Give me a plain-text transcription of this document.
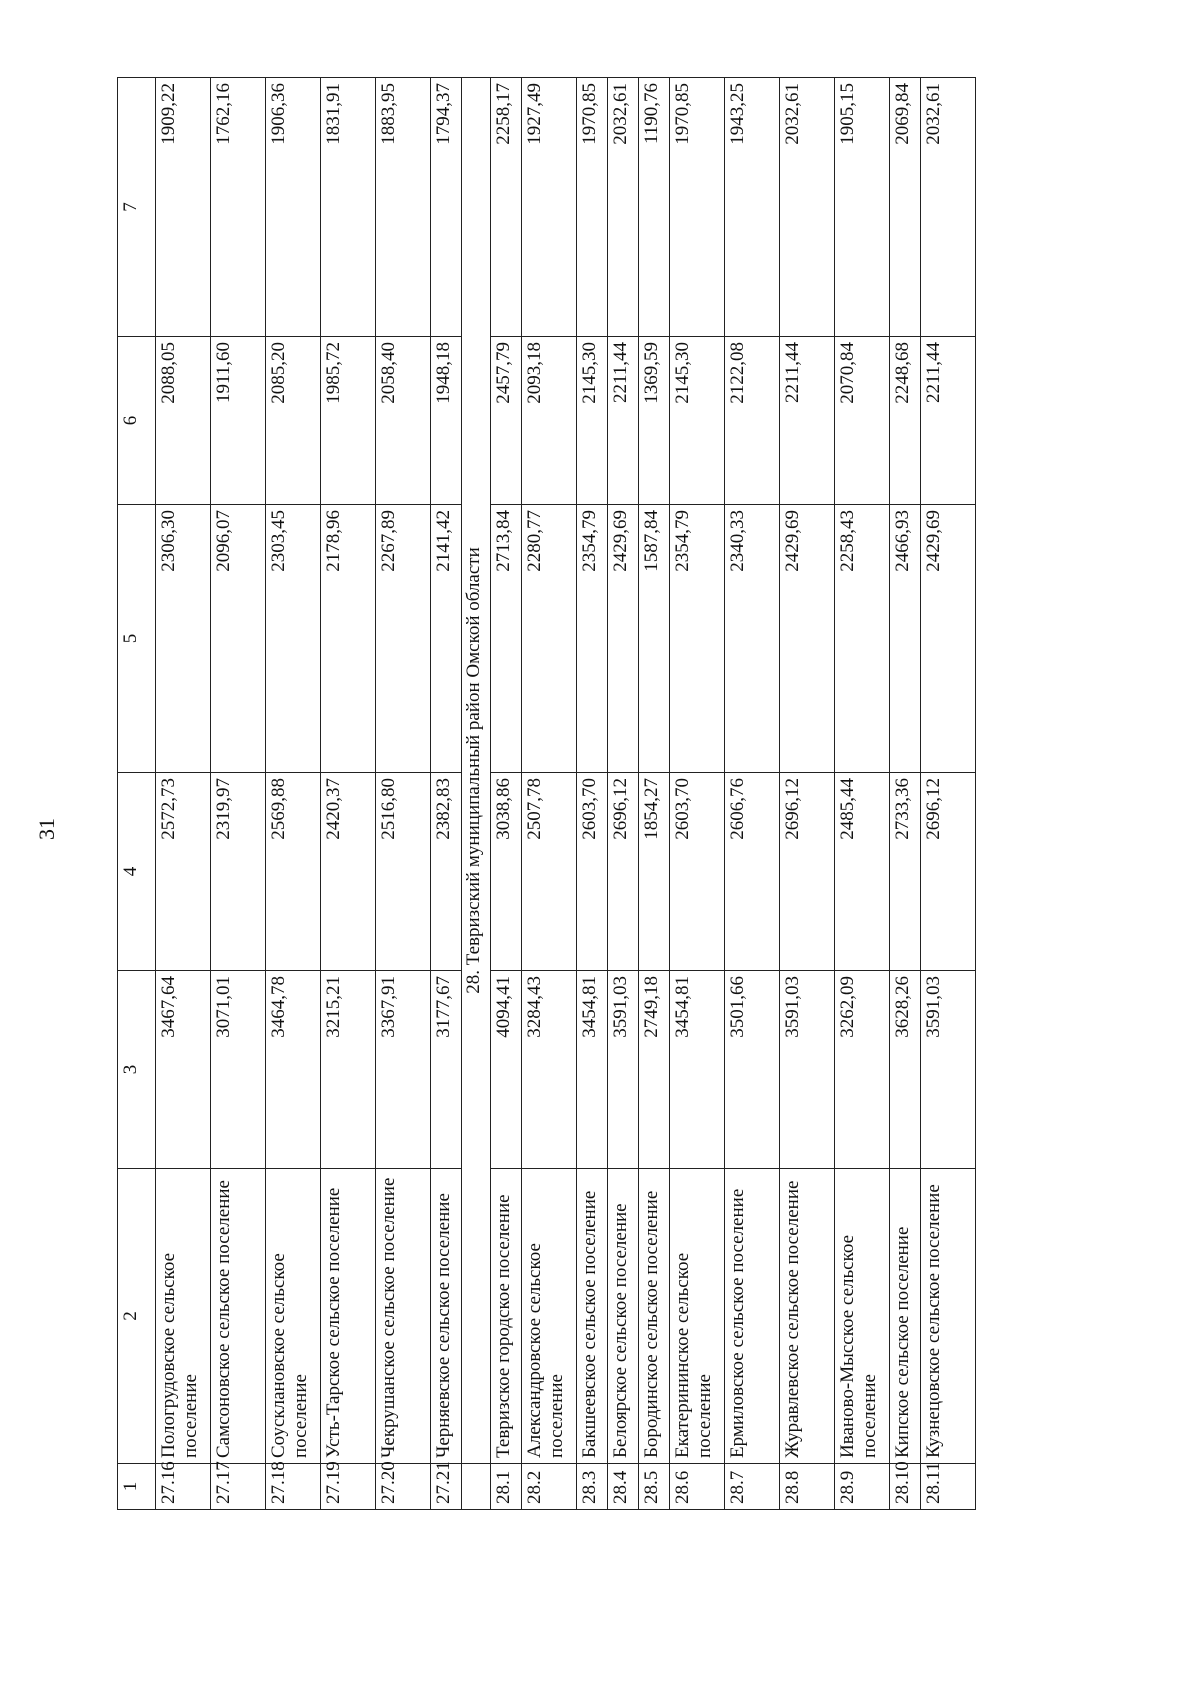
31
1	2	3	4	5	6	7
27.16	Пологрудовское сельское поселение	3467,64	2572,73	2306,30	2088,05	1909,22
27.17	Самсоновское сельское поселение	3071,01	2319,97	2096,07	1911,60	1762,16
27.18	Соусклановское сельское поселение	3464,78	2569,88	2303,45	2085,20	1906,36
27.19	Усть-Тарское сельское поселение	3215,21	2420,37	2178,96	1985,72	1831,91
27.20	Чекрушанское сельское поселение	3367,91	2516,80	2267,89	2058,40	1883,95
27.21	Черняевское сельское поселение	3177,67	2382,83	2141,42	1948,18	1794,37
	28. Тевризский муниципальный район Омской области					
28.1	Тевризское городское поселение	4094,41	3038,86	2713,84	2457,79	2258,17
28.2	Александровское сельское поселение	3284,43	2507,78	2280,77	2093,18	1927,49
28.3	Бакшеевское сельское поселение	3454,81	2603,70	2354,79	2145,30	1970,85
28.4	Белоярское сельское поселение	3591,03	2696,12	2429,69	2211,44	2032,61
28.5	Бородинское сельское поселение	2749,18	1854,27	1587,84	1369,59	1190,76
28.6	Екатерининское сельское поселение	3454,81	2603,70	2354,79	2145,30	1970,85
28.7	Ермиловское сельское поселение	3501,66	2606,76	2340,33	2122,08	1943,25
28.8	Журавлевское сельское поселение	3591,03	2696,12	2429,69	2211,44	2032,61
28.9	Иваново-Мысское сельское поселение	3262,09	2485,44	2258,43	2070,84	1905,15
28.10	Кипское сельское поселение	3628,26	2733,36	2466,93	2248,68	2069,84
28.11	Кузнецовское сельское поселение	3591,03	2696,12	2429,69	2211,44	2032,61
